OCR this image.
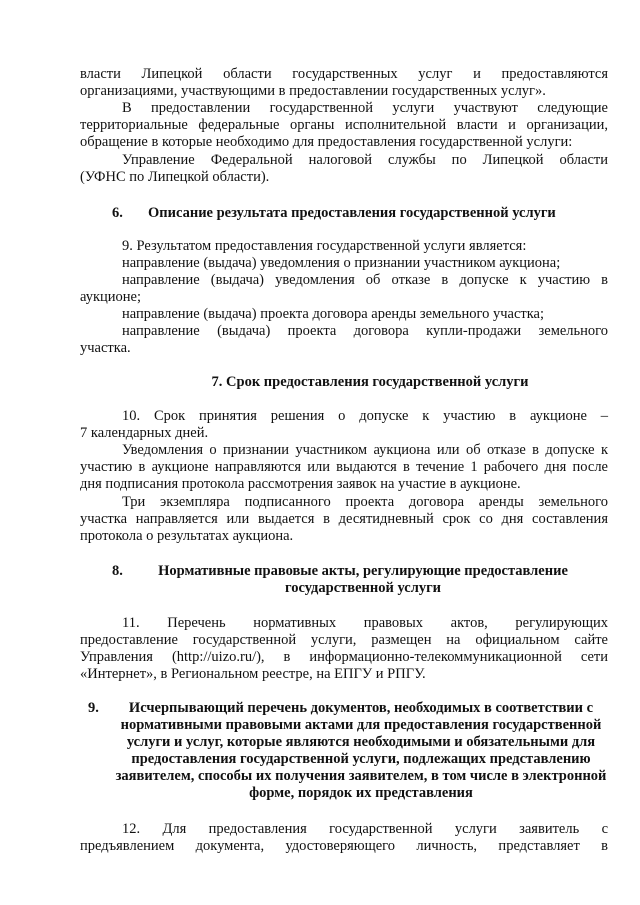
власти Липецкой области государственных услуг и предоставляются
организациями, участвующими в предоставлении государственных услуг».
В предоставлении государственной услуги участвуют следующие
территориальные федеральные органы исполнительной власти и организации,
обращение в которые необходимо для предоставления государственной услуги:
Управление Федеральной налоговой службы по Липецкой области
(УФНС по Липецкой области).
6. Описание результата предоставления государственной услуги
9. Результатом предоставления государственной услуги является:
направление (выдача) уведомления о признании участником аукциона;
направление (выдача) уведомления об отказе в допуске к участию в
аукционе;
направление (выдача) проекта договора аренды земельного участка;
направление (выдача) проекта договора купли-продажи земельного
участка.
7. Срок предоставления государственной услуги
10. Срок принятия решения о допуске к участию в аукционе –
7 календарных дней.
Уведомления о признании участником аукциона или об отказе в допуске к
участию в аукционе направляются или выдаются в течение 1 рабочего дня после
дня подписания протокола рассмотрения заявок на участие в аукционе.
Три экземпляра подписанного проекта договора аренды земельного
участка направляется или выдается в десятидневный срок со дня составления
протокола о результатах аукциона.
8.	Нормативные правовые акты, регулирующие предоставление
государственной услуги
11. Перечень нормативных правовых актов, регулирующих
предоставление государственной услуги, размещен на официальном сайте
Управления (http://uizo.ru/), в информационно-телекоммуникационной сети
«Интернет», в Региональном реестре, на ЕПГУ и РПГУ.
9.	Исчерпывающий перечень документов, необходимых в соответствии с
нормативными правовыми актами для предоставления государственной
услуги и услуг, которые являются необходимыми и обязательными для
предоставления государственной услуги, подлежащих представлению
заявителем, способы их получения заявителем, в том числе в электронной
форме, порядок их представления
12. Для предоставления государственной услуги заявитель с
предъявлением документа, удостоверяющего личность, представляет в
